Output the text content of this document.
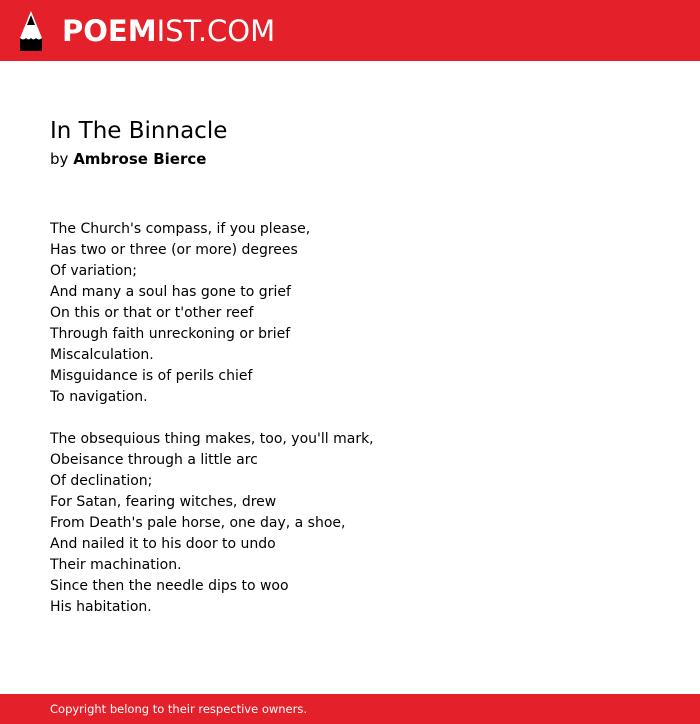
POEMIST.COM
In The Binnacle
by Ambrose Bierce
The Church's compass, if you please,
Has two or three (or more) degrees
Of variation;
And many a soul has gone to grief
On this or that or t'other reef
Through faith unreckoning or brief
Miscalculation.
Misguidance is of perils chief
To navigation.
The obsequious thing makes, too, you'll mark,
Obeisance through a little arc
Of declination;
For Satan, fearing witches, drew
From Death's pale horse, one day, a shoe,
And nailed it to his door to undo
Their machination.
Since then the needle dips to woo
His habitation.
Copyright belong to their respective owners.
